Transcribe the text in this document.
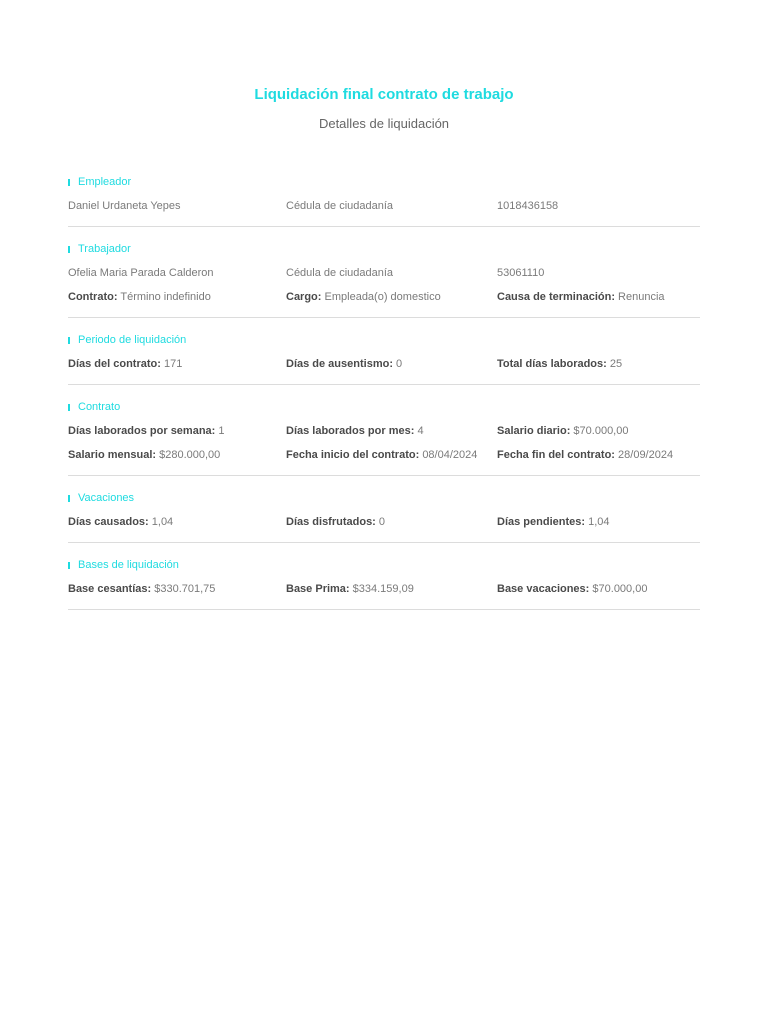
Liquidación final contrato de trabajo
Detalles de liquidación
Empleador
Daniel Urdaneta Yepes	Cédula de ciudadanía	1018436158
Trabajador
Ofelia Maria Parada Calderon	Cédula de ciudadanía	53061110
Contrato: Término indefinido	Cargo: Empleada(o) domestico	Causa de terminación: Renuncia
Periodo de liquidación
Días del contrato: 171	Días de ausentismo: 0	Total días laborados: 25
Contrato
Días laborados por semana: 1	Días laborados por mes: 4	Salario diario: $70.000,00
Salario mensual: $280.000,00	Fecha inicio del contrato: 08/04/2024	Fecha fin del contrato: 28/09/2024
Vacaciones
Días causados: 1,04	Días disfrutados: 0	Días pendientes: 1,04
Bases de liquidación
Base cesantías: $330.701,75	Base Prima: $334.159,09	Base vacaciones: $70.000,00
